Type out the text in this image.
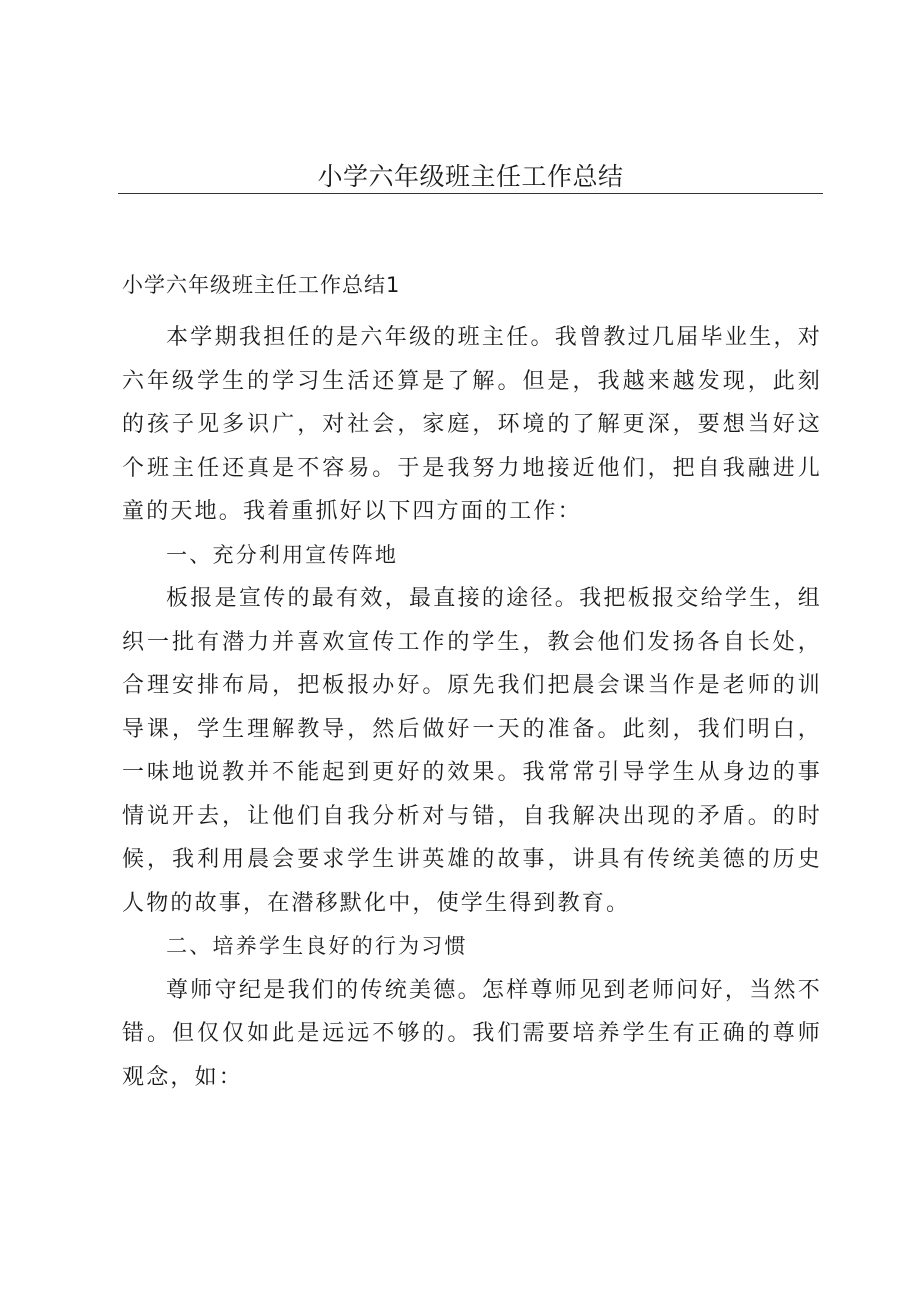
小学六年级班主任工作总结
小学六年级班主任工作总结1

本学期我担任的是六年级的班主任。我曾教过几届毕业生，对六年级学生的学习生活还算是了解。但是，我越来越发现，此刻的孩子见多识广，对社会，家庭，环境的了解更深，要想当好这个班主任还真是不容易。于是我努力地接近他们，把自我融进儿童的天地。我着重抓好以下四方面的工作：

一、充分利用宣传阵地

板报是宣传的最有效，最直接的途径。我把板报交给学生，组织一批有潜力并喜欢宣传工作的学生，教会他们发扬各自长处，合理安排布局，把板报办好。原先我们把晨会课当作是老师的训导课，学生理解教导，然后做好一天的准备。此刻，我们明白，一味地说教并不能起到更好的效果。我常常引导学生从身边的事情说开去，让他们自我分析对与错，自我解决出现的矛盾。的时候，我利用晨会要求学生讲英雄的故事，讲具有传统美德的历史人物的故事，在潜移默化中，使学生得到教育。

二、培养学生良好的行为习惯

尊师守纪是我们的传统美德。怎样尊师见到老师问好，当然不错。但仅仅如此是远远不够的。我们需要培养学生有正确的尊师观念，如：
